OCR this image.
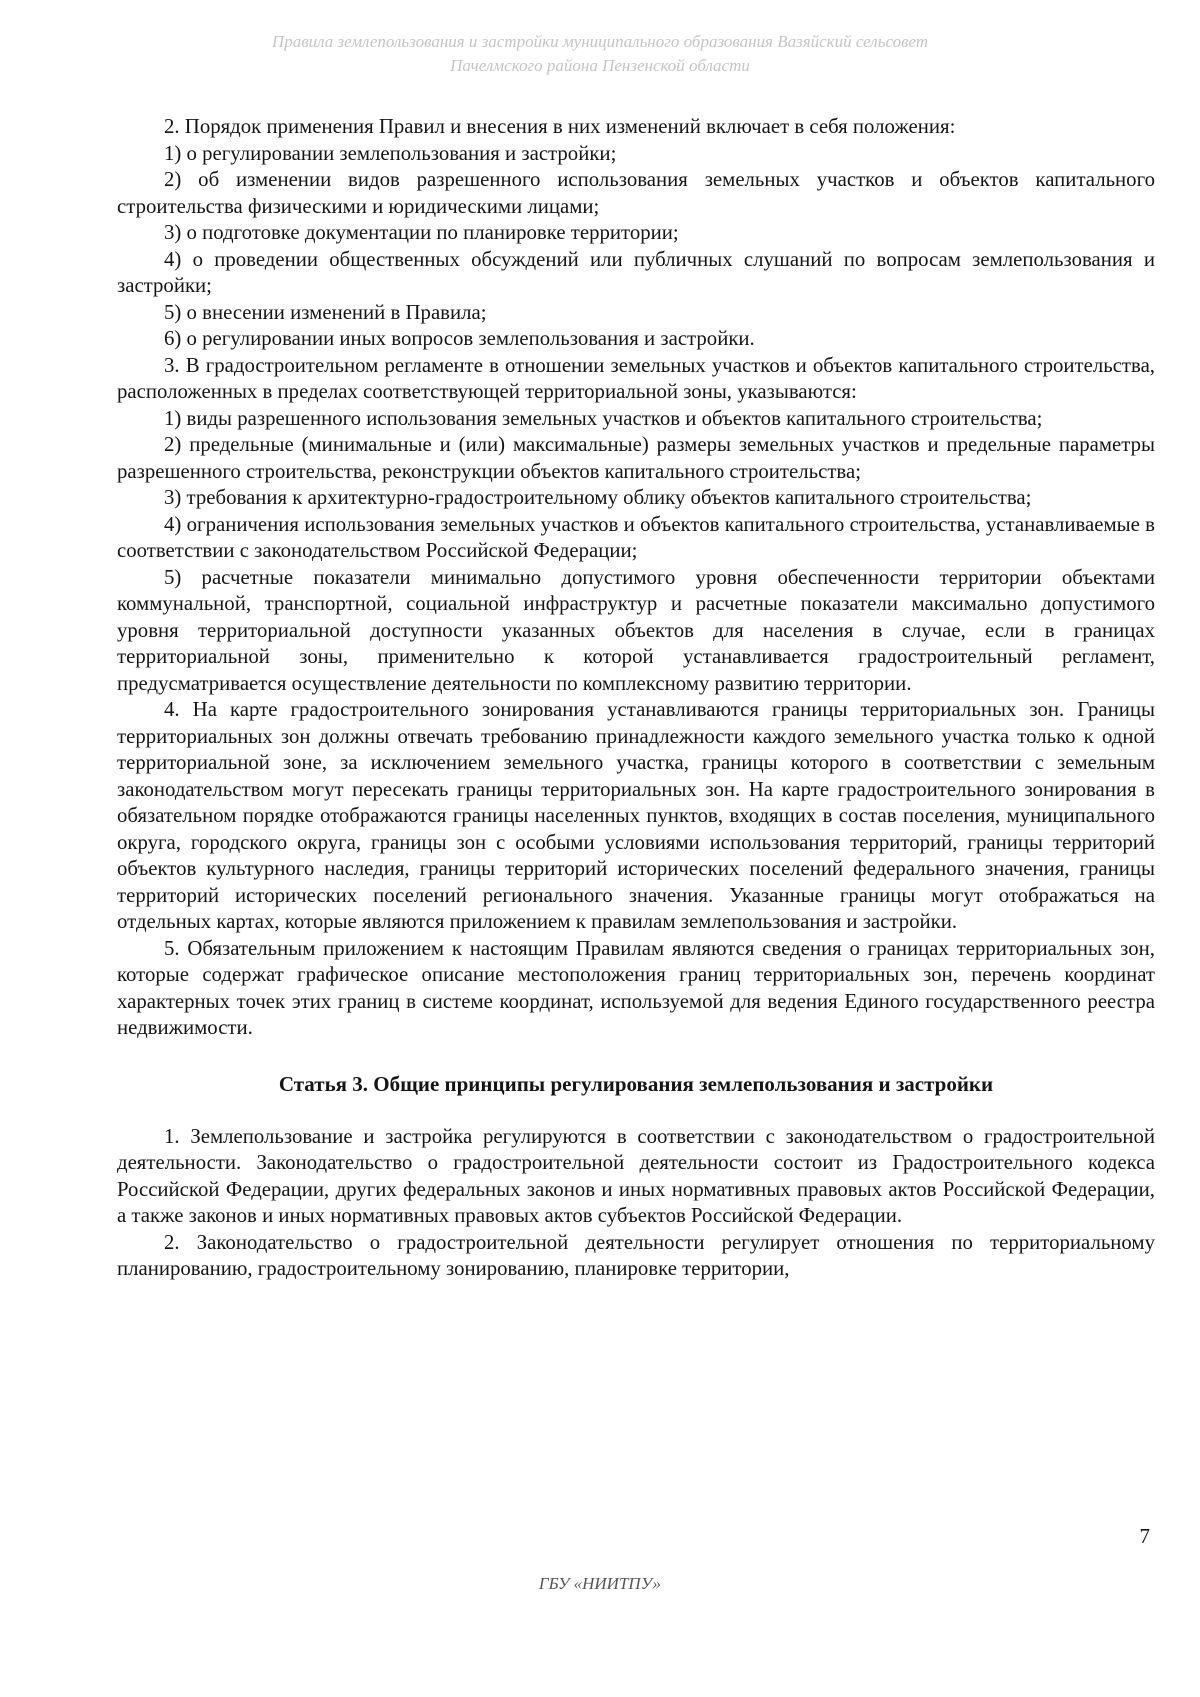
Правила землепользования и застройки муниципального образования Вазяйский сельсовет
Пачелмского района Пензенской области

2. Порядок применения Правил и внесения в них изменений включает в себя положения:

1) о регулировании землепользования и застройки;

2) об изменении видов разрешенного использования земельных участков и объектов капитального строительства физическими и юридическими лицами;

3) о подготовке документации по планировке территории;

4) о проведении общественных обсуждений или публичных слушаний по вопросам землепользования и застройки;

5) о внесении изменений в Правила;

6) о регулировании иных вопросов землепользования и застройки.

3. В градостроительном регламенте в отношении земельных участков и объектов капитального строительства, расположенных в пределах соответствующей территориальной зоны, указываются:

1) виды разрешенного использования земельных участков и объектов капитального строительства;

2) предельные (минимальные и (или) максимальные) размеры земельных участков и предельные параметры разрешенного строительства, реконструкции объектов капитального строительства;

3) требования к архитектурно-градостроительному облику объектов капитального строительства;

4) ограничения использования земельных участков и объектов капитального строительства, устанавливаемые в соответствии с законодательством Российской Федерации;

5) расчетные показатели минимально допустимого уровня обеспеченности территории объектами коммунальной, транспортной, социальной инфраструктур и расчетные показатели максимально допустимого уровня территориальной доступности указанных объектов для населения в случае, если в границах территориальной зоны, применительно к которой устанавливается градостроительный регламент, предусматривается осуществление деятельности по комплексному развитию территории.

4. На карте градостроительного зонирования устанавливаются границы территориальных зон. Границы территориальных зон должны отвечать требованию принадлежности каждого земельного участка только к одной территориальной зоне, за исключением земельного участка, границы которого в соответствии с земельным законодательством могут пересекать границы территориальных зон. На карте градостроительного зонирования в обязательном порядке отображаются границы населенных пунктов, входящих в состав поселения, муниципального округа, городского округа, границы зон с особыми условиями использования территорий, границы территорий объектов культурного наследия, границы территорий исторических поселений федерального значения, границы территорий исторических поселений регионального значения. Указанные границы могут отображаться на отдельных картах, которые являются приложением к правилам землепользования и застройки.

5. Обязательным приложением к настоящим Правилам являются сведения о границах территориальных зон, которые содержат графическое описание местоположения границ территориальных зон, перечень координат характерных точек этих границ в системе координат, используемой для ведения Единого государственного реестра недвижимости.

Статья 3. Общие принципы регулирования землепользования и застройки

1. Землепользование и застройка регулируются в соответствии с законодательством о градостроительной деятельности. Законодательство о градостроительной деятельности состоит из Градостроительного кодекса Российской Федерации, других федеральных законов и иных нормативных правовых актов Российской Федерации, а также законов и иных нормативных правовых актов субъектов Российской Федерации.

2. Законодательство о градостроительной деятельности регулирует отношения по территориальному планированию, градостроительному зонированию, планировке территории,

7
ГБУ «НИИТПУ»
